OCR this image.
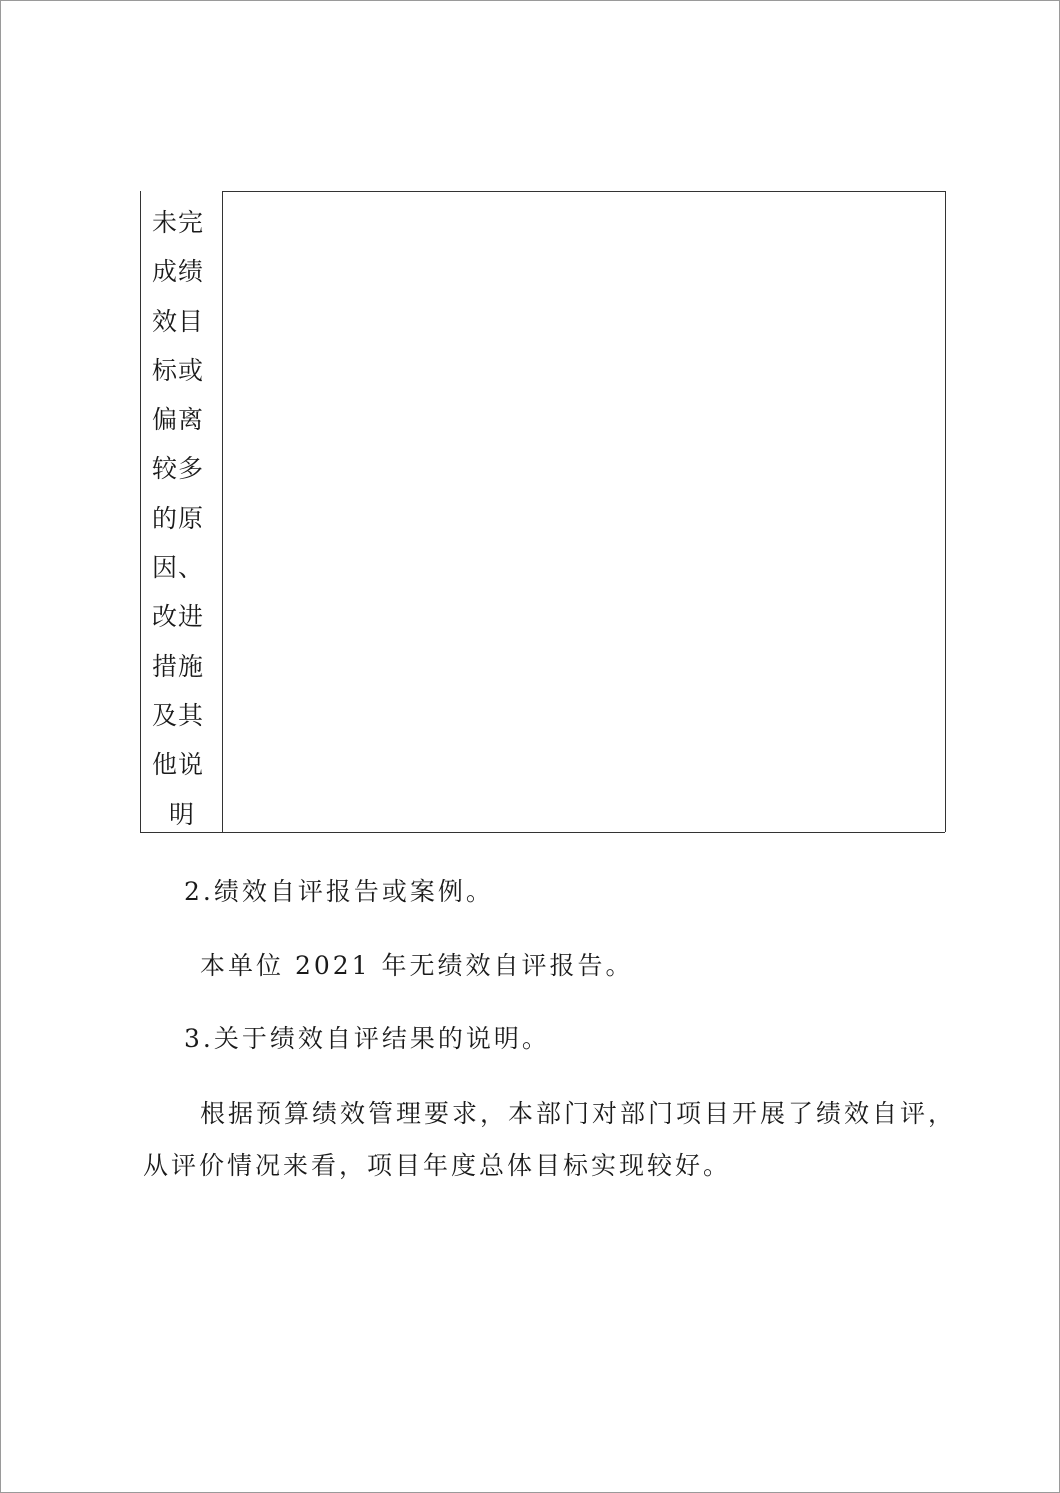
未完
成绩
效目
标或
偏离
较多
的原
因、
改进
措施
及其
他说
明
2.绩效自评报告或案例。
本单位 2021 年无绩效自评报告。
3.关于绩效自评结果的说明。
根据预算绩效管理要求，本部门对部门项目开展了绩效自评，
从评价情况来看，项目年度总体目标实现较好。
